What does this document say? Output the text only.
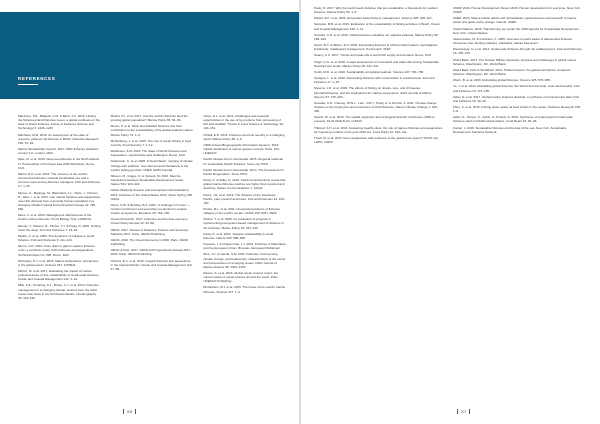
REFERENCES

Macintyre, P.E., Badjeck, C.M. & Béné, J.C. 2016. Linking the fisheries-inland fisheries nexus: a global synthesis on the state of inland fisheries. Future of Fisheries Science and Technology 6: 1226–1245.

Machado, M.M. 2010. An assessment of the state of resource yields for all fisheries in Brazil. Fisheries Research 100: 51–63.

Marine Stewardship Council. 2017. MSC fisheries standard, version 2.0. London, MSC.

Mele, M. et al. 2016. Deep-sea fisheries in the North Atlantic. In: Proceedings of the Deep-Sea 2016 Workshop. Rome, FAO.

Martin, R.D. et al. 2016. The recovery of the world's commercial fisheries; towards sustainable use and a common view among fisheries managers. Fish and Fisheries 17: 1–25.

Merino, G., Barange, M., Blanchard, J.L., Harle, J., Holmes, R., Allen, I. et al. 2012. Can marine fisheries and aquaculture meet fish demand from a growing human population in a changing climate? Global Environmental Change 22: 795–806.

Mora, C. et al. 2009. Management effectiveness of the world's marine fisheries. PLoS Biology 7(6): e1000131.

Morato, T., Watson, R., Pitcher, T.J. & Pauly, D. 2006. Fishing down the deep. Fish and Fisheries 7: 24–34.

Mullon, C. et al. 2005. The dynamics of collapse in world fisheries. Fish and Fisheries 6: 111–120.

Munro, G.R. 2010. From drain to gain in capture fisheries rents: a synthesis study. FAO Fisheries and Aquaculture Technical Paper No. 538. Rome, FAO.

McCauley, D.J. et al. 2015. Marine defaunation: animal loss in the global ocean. Science 347: 1255641.

Muñoz, M. et al. 2017. Evaluating the impact of marine protected areas on the sustainability of small-scale fisheries. Ocean and Coastal Management 142: 1–10.

Mills, K.E., Pershing, A.J., Brown, C.J. et al. 2013. Fisheries management in a changing climate: lessons from the 2012 ocean heat wave in the Northwest Atlantic. Oceanography 26: 191–195.

Molina, D.I. et al. 2017. Can the world's fisheries feed the growing global population? Marine Policy 85: 54–66.

Moore, P. et al. 2016. Eco-labelled fisheries and their contribution to the sustainability of the global seafood market. Marine Policy 72: 1–9.

Muhlenberg, J. et al. 2015. The role of ocean fishing in food security. Food Security 7: 1–12.

Mathiesen, Å.M. 2015. The State of World Fisheries and Aquaculture: opportunities and challenges. Rome, FAO.

Nellemann, C. et al. 2008. In Dead Water: merging of climate change with pollution, over-harvest and infestations in the world's fishing grounds. UNEP, GRID-Arendal.

Nilsson, M., Griggs, D. & Visbeck, M. 2016. Map the interactions between Sustainable Development Goals. Nature 534: 320–322.

NOAA (National Oceanic and Atmospheric Administration). 2014. Fisheries of the United States 2013. Silver Spring, MD, NOAA.

Nixon, S.W. & Buckley, B.A. 2002. 'A strikingly rich zone' — nutrient enrichment and secondary production in coastal marine ecosystems. Estuaries 25: 782–796.

Ocean Protection. 2017. Fisheries and the blue economy. Ocean Policy Review 12: 44–58.

OECD. 2017. Review of Fisheries: Policies and Summary Statistics 2017. Paris, OECD Publishing.

OECD. 2016. The Ocean Economy in 2030. Paris, OECD Publishing.

OECD & FAO. 2017. OECD-FAO Agricultural Outlook 2017–2026. Paris, OECD Publishing.

Oliveira, E.C. et al. 2016. Coastal fisheries and aquaculture in the tropical Atlantic. Ocean and Coastal Management 119: 47–59.

Olsen, E.L. et al. 2014. Challenges and research opportunities in the use of by-products from processing of fish and shellfish. Trends in Food Science & Technology 36: 144–151.

O'Neill, E.D. 2014. Fisheries and food security in a changing world. Marine Policy 48: 1–9.

OBIS (Ocean Biogeographic Information System). 2016. Global distribution of marine species records. Paris, IOC-UNESCO.

Pacific Islands Forum Secretariat. 2015. Regional roadmap for sustainable Pacific fisheries. Suva, Fiji, PIFS.

Pacific Islands Forum Secretariat. 2014. The Framework for Pacific Regionalism. Suva, PIFS.

Pauly, D. & Zeller, D. 2016. Catch reconstructions reveal that global marine fisheries catches are higher than reported and declining. Nature Communications 7: 10244.

Pérez, J.E. et al. 2013. The fisheries of the Southeast Pacific: past, present and future. Fish and Fisheries 14: 145–163.

Pinsky, M.L. et al. 2011. Unexpected patterns of fisheries collapse in the world's oceans. PNAS 108: 8317–8322.

Pitcher, T. et al. 2009. An evaluation of progress in implementing ecosystem-based management of fisheries in 33 countries. Marine Policy 33: 223–232.

Pauly, D. et al. 2002. Towards sustainability in world fisheries. Nature 418: 689–695.

Popescu, I. & Ortega Gras, J.J. 2013. Fisheries in Mauritania and the European Union. Brussels, European Parliament.

Rice, J.C. & Garcia, S.M. 2011. Fisheries, food security, climate change, and biodiversity: characteristics of the sector and perspectives on emerging issues. ICES Journal of Marine Science 68: 1343–1353.

Raison, S. et al. 2016. Global ocean science report: the current status of ocean science around the world. Paris, UNESCO Publishing.

Richardson, B.J. et al. 2015. The future of the world's marine fisheries. Science 347: 1–4.

206

Pauly, D. 2017. Why the world needs fisheries that are sustainable: a framework for resilient fisheries. Marine Policy 82: 1–8.

Pikitch, E.K. et al. 2004. Ecosystem-based fishery management. Science 305: 346–347.

Sampaio, M.B. et al. 2016. Evaluation of the sustainability of fishing activities in Brazil. Ocean and Coastal Management 130: 1–12.

Sumaila, U.R. et al. 2016. Global fisheries subsidies: an updated estimate. Marine Policy 69: 189–193.

Sarch, M.T. & Allison, E.H. 2000. Fluctuating fisheries in Africa's inland waters: well adapted livelihoods, maladapted management. Portsmouth, IIFET.

Searcy, C.K. 2017. Trends and trade-offs in world fish supply and demand. Rome, FAO.

Singh, G.G. et al. 2018. A rapid assessment of co-benefits and trade-offs among Sustainable Development Goals. Marine Policy 93: 223–231.

Smith, M.D. et al. 2010. Sustainability and global seafood. Science 327: 784–786.

Sprague, L. et al. 2016. Reconciling fisheries with conservation in coastal areas. Fish and Fisheries 17: 1–15.

Stevens, J.D. et al. 2000. The effects of fishing on sharks, rays, and chimaeras (chondrichthyans), and the implications for marine ecosystems. ICES Journal of Marine Science 57: 476–494.

Sumaila, U.R., Cheung, W.W.L., Lam, V.W.Y., Pauly, D. & Herrick, S. 2011. Climate change impacts on the biophysics and economics of world fisheries. Nature Climate Change 1: 449–456.

Swartz, W. et al. 2010. The spatial expansion and ecological footprint of fisheries (1950 to present). PLoS ONE 5(12): e15143.

Thilsted, S.H. et al. 2016. Sustaining healthy diets: the role of capture fisheries and aquaculture for improving nutrition in the post-2015 era. Food Policy 61: 126–131.

Troell, M. et al. 2014. Does aquaculture add resilience to the global food system? PNAS 111: 13257–13263.

UNDP. 2016. Human Development Report 2016: Human development for everyone. New York, UNDP.

UNEP. 2016. Marine plastic debris and microplastics: global lessons and research to inspire action and guide policy change. Nairobi, UNEP.

United Nations. 2015. Transforming our world: the 2030 Agenda for Sustainable Development. New York, United Nations.

Vasconcellos, M. & Cochrane, K. 2005. Overview of world status of data-limited fisheries: inferences from landing statistics. Fairbanks, Alaska Sea Grant.

Weeratunge, N. et al. 2014. Small-scale fisheries through the wellbeing lens. Fish and Fisheries 15: 255–279.

World Bank. 2017. The Sunken Billions Revisited: progress and challenges in global marine fisheries. Washington, DC, World Bank.

World Bank, FAO & WorldFish. 2012. Hidden harvest: the global contribution of capture fisheries. Washington, DC, World Bank.

Worm, B. et al. 2009. Rebuilding global fisheries. Science 325: 578–585.

Ye, Y. et al. 2013. Rebuilding global fisheries: the World Summit Goal, costs and benefits. Fish and Fisheries 14: 174–185.

Zeller, D. et al. 2017. Global marine fisheries discards: a synthesis of reconstructed data. Fish and Fisheries 19: 30–39.

Zhou, S. et al. 2015. Fishing down nearly all food chains in the ocean. Fisheries Research 165: 1–8.

Zeller, D., Harper, S., Zylich, K. & Pauly, D. 2015. Synthesis of underreported small-scale fisheries catch in Pacific island waters. Coral Reefs 34: 25–39.

Zucker, J. 2016. Sustainable fisheries and the law of the sea. New York, Sustainable Development Solutions Network.

207
